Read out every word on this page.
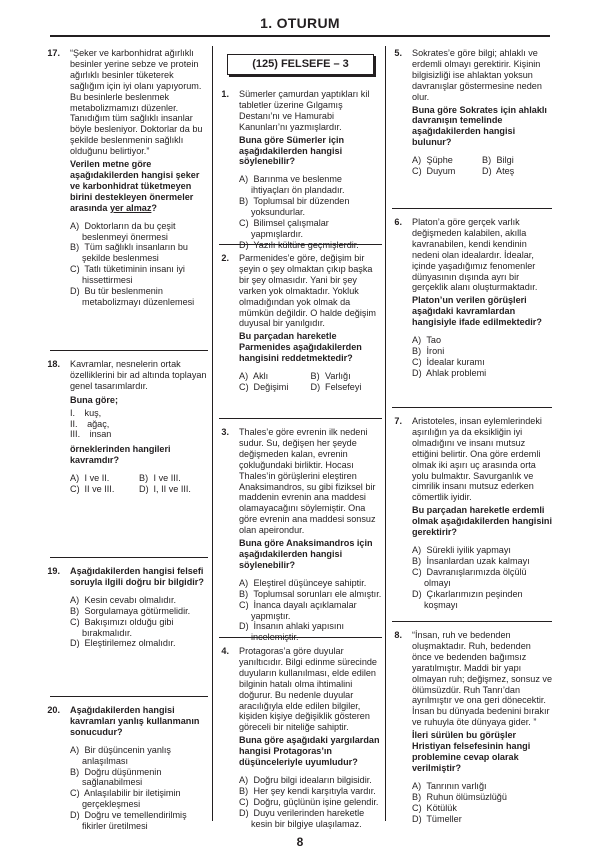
1. OTURUM
17.	“Şeker ve karbonhidrat ağırlıklı besinler yerine sebze ve protein ağırlıklı besinler tüketerek sağlığım için iyi olanı yapıyorum. Bu besinlerle beslenmek metabolizmamızı düzenler. Tanıdığım tüm sağlıklı insanlar böyle besleniyor. Doktorlar da bu şekilde beslenmenin sağlıklı olduğunu belirtiyor.”
Verilen metne göre aşağıdakilerden hangisi şeker ve karbonhidrat tüketmeyen birini destekleyen önermeler arasında yer almaz?
A) Doktorların da bu çeşit beslenmeyi önermesi
B) Tüm sağlıklı insanların bu şekilde beslenmesi
C) Tatlı tüketiminin insanı iyi hissettirmesi
D) Bu tür beslenmenin metabolizmayı düzenlemesi
18.	Kavramlar, nesnelerin ortak özelliklerini bir ad altında toplayan genel tasarımlardır.
Buna göre;
I.
	kuş,
II.
	ağaç,
III.
insan
örneklerinden hangileri kavramdır?
A) I ve II.	B) I ve III.
C) II ve III.	D) I, II ve III.
19.	Aşağıdakilerden hangisi felsefi soruyla ilgili doğru bir bilgidir?
A) Kesin cevabı olmalıdır.
B) Sorgulamaya götürmelidir.
C) Bakışımızı olduğu gibi bırakmalıdır.
D) Eleştirilemez olmalıdır.
20.	Aşağıdakilerden hangisi kavramları yanlış kullanmanın sonucudur?
A) Bir düşüncenin yanlış anlaşılması
B) Doğru düşünmenin sağlanabilmesi
C) Anlaşılabilir bir iletişimin gerçekleşmesi
D) Doğru ve temellendirilmiş fikirler üretilmesi
(125) FELSEFE – 3
1.	Sümerler çamurdan yaptıkları kil tabletler üzerine Gılgamış Destanı’nı ve Hamurabi Kanunları’nı yazmışlardır.
Buna göre Sümerler için aşağıdakilerden hangisi söylenebilir?
A) Barınma ve beslenme ihtiyaçları ön plandadır.
B) Toplumsal bir düzenden yoksundurlar.
C) Bilimsel çalışmalar yapmışlardır.
D) Yazılı kültüre geçmişlerdir.
2.	Parmenides’e göre, değişim bir şeyin o şey olmaktan çıkıp başka bir şey olmasıdır. Yani bir şey varken yok olmaktadır. Yokluk olmadığından yok olmak da mümkün değildir. O halde değişim duyusal bir yanılgıdır.
Bu parçadan hareketle Parmenides aşağıdakilerden hangisini reddetmektedir?
A) Aklı	B) Varlığı
C) Değişimi	D) Felsefeyi
3.	Thales’e göre evrenin ilk nedeni sudur. Su, değişen her şeyde değişmeden kalan, evrenin çokluğundaki birliktir. Hocası Thales’in görüşlerini eleştiren Anaksimandros, su gibi fiziksel bir maddenin evrenin ana maddesi olamayacağını söylemiştir. Ona göre evrenin ana maddesi sonsuz olan apeirondur.
Buna göre Anaksimandros için aşağıdakilerden hangisi söylenebilir?
A) Eleştirel düşünceye sahiptir.
B) Toplumsal sorunları ele almıştır.
C) İnanca dayalı açıklamalar yapmıştır.
D) İnsanın ahlaki yapısını incelemiştir.
4.	Protagoras’a göre duyular yanıltıcıdır. Bilgi edinme sürecinde duyuların kullanılması, elde edilen bilginin hatalı olma ihtimalini doğurur. Bu nedenle duyular aracılığıyla elde edilen bilgiler, kişiden kişiye değişiklik gösteren göreceli bir niteliğe sahiptir.
Buna göre aşağıdaki yargılardan hangisi Protagoras’ın düşünceleriyle uyumludur?
A) Doğru bilgi ideaların bilgisidir.
B) Her şey kendi karşıtıyla vardır.
C) Doğru, güçlünün işine gelendir.
D) Duyu verilerinden hareketle kesin bir bilgiye ulaşılamaz.
5.	Sokrates’e göre bilgi; ahlaklı ve erdemli olmayı gerektirir. Kişinin bilgisizliği ise ahlaktan yoksun davranışlar göstermesine neden olur.
Buna göre Sokrates için ahlaklı davranışın temelinde aşağıdakilerden hangisi bulunur?
A) Şüphe	B) Bilgi
C) Duyum	D) Ateş
6.	Platon’a göre gerçek varlık değişmeden kalabilen, akılla kavranabilen, kendi kendinin nedeni olan idealardır. İdealar, içinde yaşadığımız fenomenler dünyasının dışında ayrı bir gerçeklik alanı oluşturmaktadır.
Platon’un verilen görüşleri aşağıdaki kavramlardan hangisiyle ifade edilmektedir?
A) Tao
B) İroni
C) İdealar kuramı
D) Ahlak problemi
7.	Aristoteles, insan eylemlerindeki aşırılığın ya da eksikliğin iyi olmadığını ve insanı mutsuz ettiğini belirtir. Ona göre erdemli olmak iki aşırı uç arasında orta yolu bulmaktır. Savurganlık ve cimrilik insanı mutsuz ederken cömertlik iyidir.
Bu parçadan hareketle erdemli olmak aşağıdakilerden hangisini gerektirir?
A) Sürekli iyilik yapmayı
B) İnsanlardan uzak kalmayı
C) Davranışlarımızda ölçülü olmayı
D) Çıkarlarımızın peşinden koşmayı
8.	“İnsan, ruh ve bedenden oluşmaktadır. Ruh, bedenden önce ve bedenden bağımsız yaratılmıştır. Maddi bir yapı olmayan ruh; değişmez, sonsuz ve ölümsüzdür. Ruh Tanrı’dan ayrılmıştır ve ona geri dönecektir. İnsan bu dünyada bedenini bırakır ve ruhuyla öte dünyaya gider. ”
İleri sürülen bu görüşler Hristiyan felsefesinin hangi problemine cevap olarak verilmiştir?
A) Tanrının varlığı
B) Ruhun ölümsüzlüğü
C) Kötülük
D) Tümeller
8
